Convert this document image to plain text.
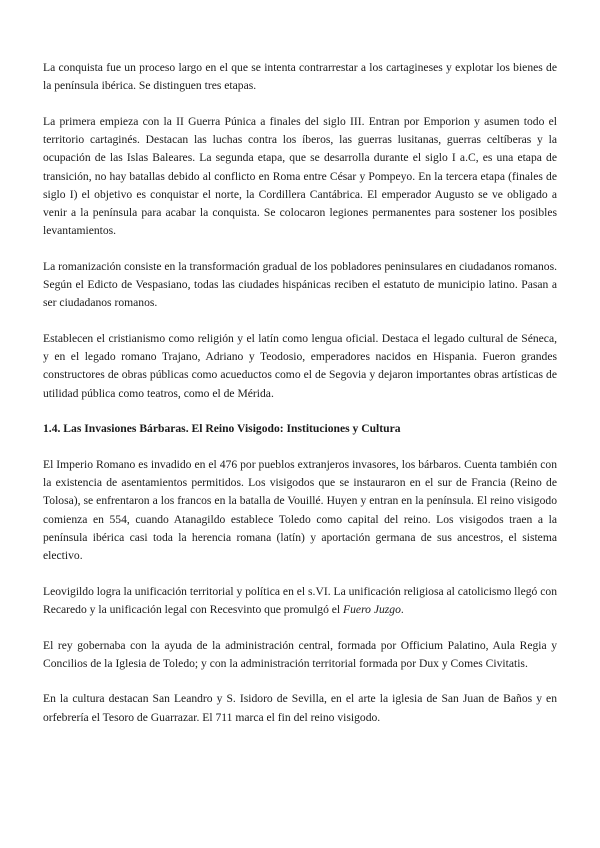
La conquista fue un proceso largo en el que se intenta contrarrestar a los cartagineses y explotar los bienes de la península ibérica. Se distinguen tres etapas.

La primera empieza con la II Guerra Púnica a finales del siglo III. Entran por Emporion y asumen todo el territorio cartaginés. Destacan las luchas contra los íberos, las guerras lusitanas, guerras celtíberas y la ocupación de las Islas Baleares. La segunda etapa, que se desarrolla durante el siglo I a.C, es una etapa de transición, no hay batallas debido al conflicto en Roma entre César y Pompeyo. En la tercera etapa (finales de siglo I) el objetivo es conquistar el norte, la Cordillera Cantábrica. El emperador Augusto se ve obligado a venir a la península para acabar la conquista. Se colocaron legiones permanentes para sostener los posibles levantamientos.

La romanización consiste en la transformación gradual de los pobladores peninsulares en ciudadanos romanos. Según el Edicto de Vespasiano, todas las ciudades hispánicas reciben el estatuto de municipio latino. Pasan a ser ciudadanos romanos.

Establecen el cristianismo como religión y el latín como lengua oficial. Destaca el legado cultural de Séneca, y en el legado romano Trajano, Adriano y Teodosio, emperadores nacidos en Hispania. Fueron grandes constructores de obras públicas como acueductos como el de Segovia y dejaron importantes obras artísticas de utilidad pública como teatros, como el de Mérida.

1.4. Las Invasiones Bárbaras. El Reino Visigodo: Instituciones y Cultura

El Imperio Romano es invadido en el 476 por pueblos extranjeros invasores, los bárbaros. Cuenta también con la existencia de asentamientos permitidos. Los visigodos que se instauraron en el sur de Francia (Reino de Tolosa), se enfrentaron a los francos en la batalla de Vouillé. Huyen y entran en la península. El reino visigodo comienza en 554, cuando Atanagildo establece Toledo como capital del reino. Los visigodos traen a la península ibérica casi toda la herencia romana (latín) y aportación germana de sus ancestros, el sistema electivo.

Leovigildo logra la unificación territorial y política en el s.VI. La unificación religiosa al catolicismo llegó con Recaredo y la unificación legal con Recesvinto que promulgó el Fuero Juzgo.

El rey gobernaba con la ayuda de la administración central, formada por Officium Palatino, Aula Regia y Concilios de la Iglesia de Toledo; y con la administración territorial formada por Dux y Comes Civitatis.

En la cultura destacan San Leandro y S. Isidoro de Sevilla, en el arte la iglesia de San Juan de Baños y en orfebrería el Tesoro de Guarrazar. El 711 marca el fin del reino visigodo.
